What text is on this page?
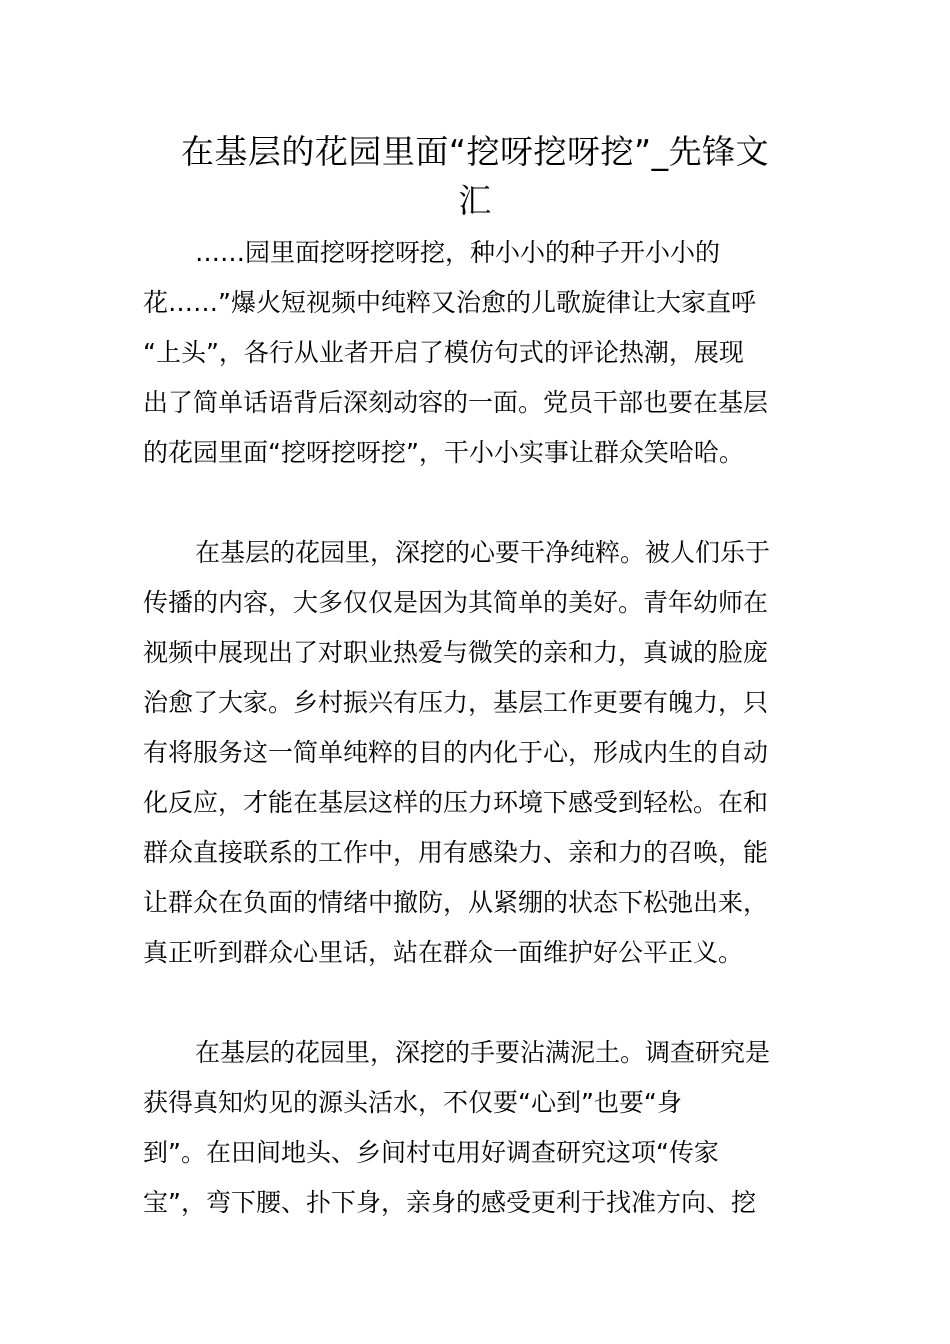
在基层的花园里面“挖呀挖呀挖”_先锋文
汇

……园里面挖呀挖呀挖，种小小的种子开小小的
花……”爆火短视频中纯粹又治愈的儿歌旋律让大家直呼
“上头”，各行从业者开启了模仿句式的评论热潮，展现
出了简单话语背后深刻动容的一面。党员干部也要在基层
的花园里面“挖呀挖呀挖”，干小小实事让群众笑哈哈。

在基层的花园里，深挖的心要干净纯粹。被人们乐于
传播的内容，大多仅仅是因为其简单的美好。青年幼师在
视频中展现出了对职业热爱与微笑的亲和力，真诚的脸庞
治愈了大家。乡村振兴有压力，基层工作更要有魄力，只
有将服务这一简单纯粹的目的内化于心，形成内生的自动
化反应，才能在基层这样的压力环境下感受到轻松。在和
群众直接联系的工作中，用有感染力、亲和力的召唤，能
让群众在负面的情绪中撤防，从紧绷的状态下松弛出来，
真正听到群众心里话，站在群众一面维护好公平正义。

在基层的花园里，深挖的手要沾满泥土。调查研究是
获得真知灼见的源头活水，不仅要“心到”也要“身
到”。在田间地头、乡间村屯用好调查研究这项“传家
宝”，弯下腰、扑下身，亲身的感受更利于找准方向、挖
